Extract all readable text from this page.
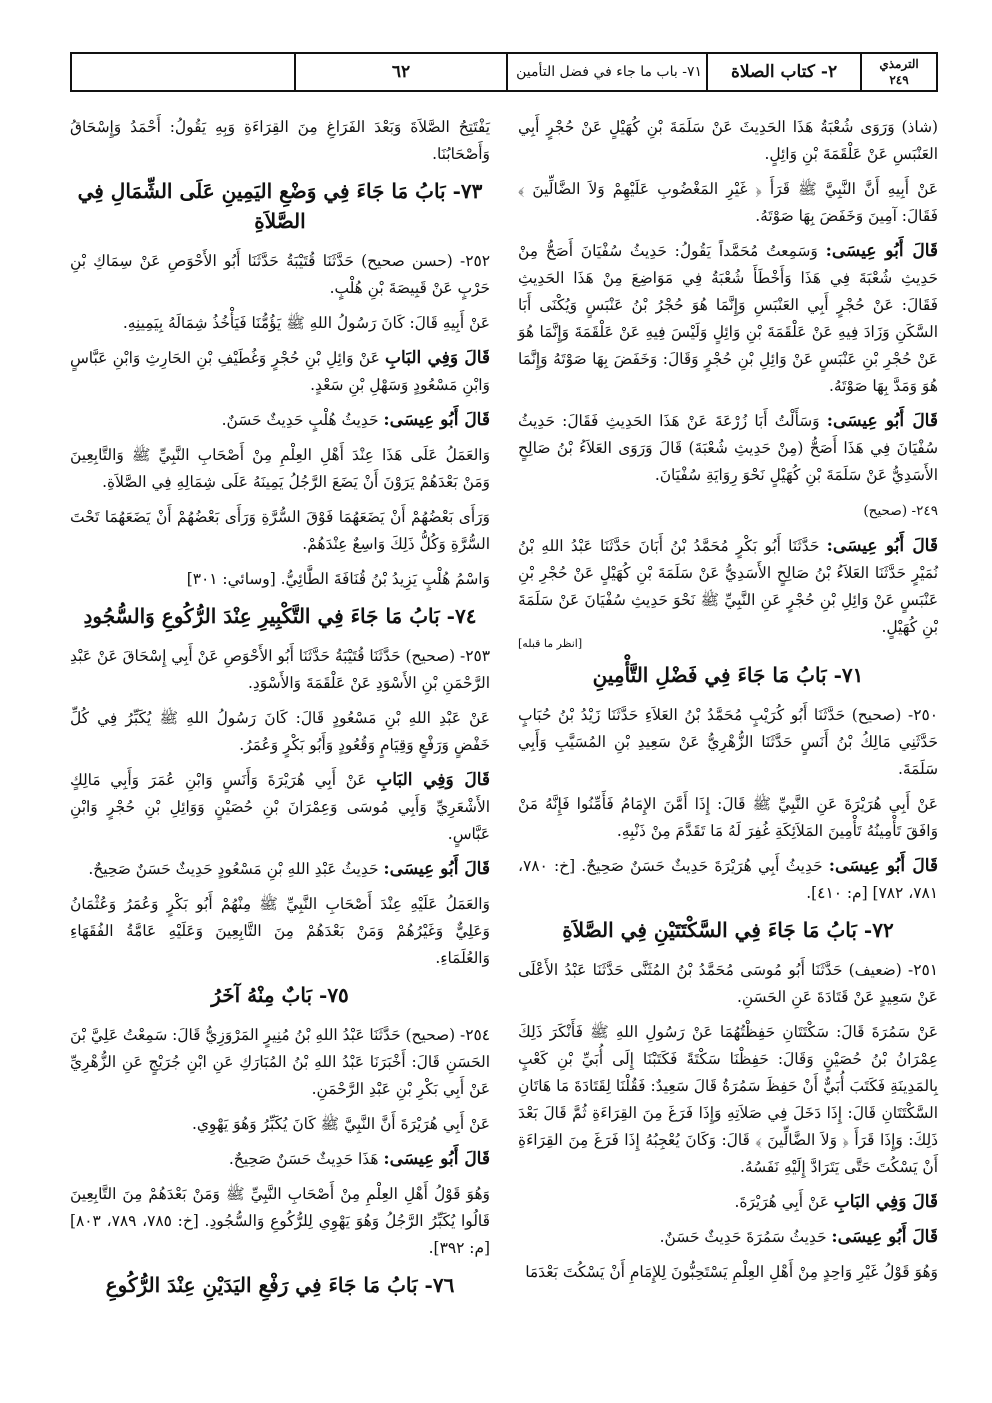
الترمذي
٢٤٩
٢- كتاب الصلاة
٧١- باب ما جاء في فضل التأمين
٦٢

(شاذ) وَرَوَى شُعْبَةُ هَذَا الحَدِيثَ عَنْ سَلَمَةَ بْنِ كُهَيْلٍ عَنْ حُجْرٍ أَبِي العَنْبَسِ عَنْ عَلْقَمَةَ بْنِ وَائِلٍ.

عَنْ أَبِيهِ أَنَّ النَّبِيَّ ﷺ قَرَأَ ﴿ غَيْرِ المَغْضُوبِ عَلَيْهِمْ وَلاَ الضَّالِّينَ ﴾ فَقَالَ: آمِينَ وَخَفَضَ بِهَا صَوْتَهُ.

قَالَ أَبُو عِيسَى: وَسَمِعتُ مُحَمَّداً يَقُولُ: حَدِيثُ سُفْيَانَ أَصَحُّ مِنْ حَدِيثِ شُعْبَةَ فِي هَذَا وَأَخْطَأَ شُعْبَةُ فِي مَوَاضِعَ مِنْ هَذَا الحَدِيثِ فَقَالَ: عَنْ حُجْرٍ أَبِي العَنْبَسِ وَإِنَّمَا هُوَ حُجْرُ بْنُ عَنْبَسٍ وَيُكْنَى أَبَا السَّكَنِ وَزَادَ فِيهِ عَنْ عَلْقَمَةَ بْنِ وَائِلٍ وَلَيْسَ فِيهِ عَنْ عَلْقَمَةَ وَإِنَّمَا هُوَ عَنْ حُجْرِ بْنِ عَنْبَسٍ عَنْ وَائِلِ بْنِ حُجْرٍ وَقَالَ: وَخَفَضَ بِهَا صَوْتَهُ وَإِنَّمَا هُوَ وَمَدَّ بِهَا صَوْتَهُ.

قَالَ أَبُو عِيسَى: وَسَأَلْتُ أَبَا زُرْعَةَ عَنْ هَذَا الحَدِيثِ فَقَالَ: حَدِيثُ سُفْيَانَ فِي هَذَا أَصَحُّ (مِنْ حَدِيثِ شُعْبَةَ) قَالَ وَرَوَى العَلاَءُ بْنُ صَالِحٍ الأَسَدِيُّ عَنْ سَلَمَةَ بْنِ كُهَيْلٍ نَحْوَ رِوَايَةِ سُفْيَانَ.

٢٤٩- (صحيح)

قَالَ أَبُو عِيسَى: حَدَّثَنَا أَبُو بَكْرٍ مُحَمَّدُ بْنُ أَبَانَ حَدَّثَنَا عَبْدُ اللهِ بْنُ نُمَيْرٍ حَدَّثَنَا العَلاَءُ بْنُ صَالِحٍ الأَسَدِيُّ عَنْ سَلَمَةَ بْنِ كُهَيْلٍ عَنْ حُجْرِ بْنِ عَنْبَسٍ عَنْ وَائِلِ بْنِ حُجْرٍ عَنِ النَّبِيِّ ﷺ نَحْوَ حَدِيثِ سُفْيَانَ عَنْ سَلَمَةَ بْنِ كُهَيْلٍ.

[انظر ما قبله]
٧١- بَابُ مَا جَاءَ فِي فَضْلِ التَّأْمِينِ

٢٥٠- (صحيح) حَدَّثَنَا أَبُو كُرَيْبٍ مُحَمَّدُ بْنُ العَلاَءِ حَدَّثَنَا زَيْدُ بْنُ حُبَابٍ حَدَّثَنِي مَالِكُ بْنُ أَنَسٍ حَدَّثَنَا الزُّهْرِيُّ عَنْ سَعِيدِ بْنِ المُسَيَّبِ وَأَبِي سَلَمَةَ.

عَنْ أَبِي هُرَيْرَةَ عَنِ النَّبِيِّ ﷺ قَالَ: إِذَا أَمَّنَ الإِمَامُ فَأَمِّنُوا فَإِنَّهُ مَنْ وَافَقَ تَأْمِينُهُ تَأْمِينَ المَلاَئِكَةِ غُفِرَ لَهُ مَا تَقَدَّمَ مِنْ ذَنْبِهِ.

قَالَ أَبُو عِيسَى: حَدِيثُ أَبِي هُرَيْرَةَ حَدِيثٌ حَسَنٌ صَحِيحٌ. [خ: ٧٨٠، ٧٨١، ٧٨٢] [م: ٤١٠].

٧٢- بَابُ مَا جَاءَ فِي السَّكْتَتَيْنِ فِي الصَّلاَةِ

٢٥١- (ضعيف) حَدَّثَنَا أَبُو مُوسَى مُحَمَّدُ بْنُ المُثَنَّى حَدَّثَنَا عَبْدُ الأَعْلَى عَنْ سَعِيدٍ عَنْ قَتَادَةَ عَنِ الحَسَنِ.

عَنْ سَمُرَةَ قَالَ: سَكْتَتَانِ حَفِظْتُهُمَا عَنْ رَسُولِ اللهِ ﷺ فَأَنْكَرَ ذَلِكَ عِمْرَانُ بْنُ حُصَيْنٍ وَقَالَ: حَفِظْنَا سَكْتَةً فَكَتَبْنَا إِلَى أُبَيِّ بْنِ كَعْبٍ بِالمَدِينَةِ فَكَتَبَ أُبَيٌّ أَنْ حَفِظَ سَمُرَةُ قَالَ سَعِيدٌ: فَقُلْنَا لِقَتَادَةَ مَا هَاتَانِ السَّكْتَتَانِ قَالَ: إِذَا دَخَلَ فِي صَلاَتِهِ وَإِذَا فَرَغَ مِنَ القِرَاءَةِ ثُمَّ قَالَ بَعْدَ ذَلِكَ: وَإِذَا قَرَأَ ﴿ وَلاَ الضَّالِّينَ ﴾ قَالَ: وَكَانَ يُعْجِبُهُ إِذَا فَرَغَ مِنَ القِرَاءَةِ أَنْ يَسْكُتَ حَتَّى يَتَرَادَّ إِلَيْهِ نَفَسُهُ.

قَالَ وَفِي البَابِ عَنْ أَبِي هُرَيْرَةَ.

قَالَ أَبُو عِيسَى: حَدِيثُ سَمُرَةَ حَدِيثٌ حَسَنٌ.

وَهُوَ قَوْلُ غَيْرِ وَاحِدٍ مِنْ أَهْلِ العِلْمِ يَسْتَحِبُّونَ لِلإِمَامِ أَنْ يَسْكُتَ بَعْدَمَا

يَفْتَتِحُ الصَّلاَةَ وَبَعْدَ الفَرَاغِ مِنَ القِرَاءَةِ وَبِهِ يَقُولُ: أَحْمَدُ وَإِسْحَاقُ وَأَصْحَابُنَا.

٧٣- بَابُ مَا جَاءَ فِي وَضْعِ اليَمِينِ عَلَى الشِّمَالِ فِي الصَّلاَةِ

٢٥٢- (حسن صحيح) حَدَّثَنَا قُتَيْبَةُ حَدَّثَنَا أَبُو الأَحْوَصِ عَنْ سِمَاكِ بْنِ حَرْبٍ عَنْ قَبِيصَةَ بْنِ هُلْبٍ.

عَنْ أَبِيهِ قَالَ: كَانَ رَسُولُ اللهِ ﷺ يَؤُمُّنَا فَيَأْخُذُ شِمَالَهُ بِيَمِينِهِ.

قَالَ وَفِي البَابِ عَنْ وَائِلِ بْنِ حُجْرٍ وَغُطَيْفِ بْنِ الحَارِثِ وَابْنِ عَبَّاسٍ وَابْنِ مَسْعُودٍ وَسَهْلِ بْنِ سَعْدٍ.

قَالَ أَبُو عِيسَى: حَدِيثُ هُلْبٍ حَدِيثٌ حَسَنٌ.

وَالعَمَلُ عَلَى هَذَا عِنْدَ أَهْلِ العِلْمِ مِنْ أَصْحَابِ النَّبِيِّ ﷺ وَالتَّابِعِينَ وَمَنْ بَعْدَهُمْ يَرَوْنَ أَنْ يَضَعَ الرَّجُلُ يَمِينَهُ عَلَى شِمَالِهِ فِي الصَّلاَةِ.

وَرَأَى بَعْضُهُمْ أَنْ يَضَعَهُمَا فَوْقَ السُّرَّةِ وَرَأَى بَعْضُهُمْ أَنْ يَضَعَهُمَا تَحْتَ السُّرَّةِ وَكُلُّ ذَلِكَ وَاسِعٌ عِنْدَهُمْ.

وَاسْمُ هُلْبٍ يَزِيدُ بْنُ قُنَافَةَ الطَّائِيُّ. [وسائي: ٣٠١]

٧٤- بَابُ مَا جَاءَ فِي التَّكْبِيرِ عِنْدَ الرُّكُوعِ وَالسُّجُودِ

٢٥٣- (صحيح) حَدَّثَنَا قُتَيْبَةُ حَدَّثَنَا أَبُو الأَحْوَصِ عَنْ أَبِي إِسْحَاقَ عَنْ عَبْدِ الرَّحْمَنِ بْنِ الأَسْوَدِ عَنْ عَلْقَمَةَ وَالأَسْوَدِ.

عَنْ عَبْدِ اللهِ بْنِ مَسْعُودٍ قَالَ: كَانَ رَسُولُ اللهِ ﷺ يُكَبِّرُ فِي كُلِّ خَفْضٍ وَرَفْعٍ وَقِيَامٍ وَقُعُودٍ وَأَبُو بَكْرٍ وَعُمَرُ.

قَالَ وَفِي البَابِ عَنْ أَبِي هُرَيْرَةَ وَأَنَسٍ وَابْنِ عُمَرَ وَأَبِي مَالِكٍ الأَشْعَرِيِّ وَأَبِي مُوسَى وَعِمْرَانَ بْنِ حُصَيْنٍ وَوَائِلِ بْنِ حُجْرٍ وَابْنِ عَبَّاسٍ.

قَالَ أَبُو عِيسَى: حَدِيثُ عَبْدِ اللهِ بْنِ مَسْعُودٍ حَدِيثٌ حَسَنٌ صَحِيحٌ.

وَالعَمَلُ عَلَيْهِ عِنْدَ أَصْحَابِ النَّبِيِّ ﷺ مِنْهُمْ أَبُو بَكْرٍ وَعُمَرُ وَعُثْمَانُ وَعَلِيٌّ وَغَيْرُهُمْ وَمَنْ بَعْدَهُمْ مِنَ التَّابِعِينَ وَعَلَيْهِ عَامَّةُ الفُقَهَاءِ وَالعُلَمَاءِ.

٧٥- بَابٌ مِنْهُ آخَرُ

٢٥٤- (صحيح) حَدَّثَنَا عَبْدُ اللهِ بْنُ مُنِيرٍ المَرْوَزِيُّ قَالَ: سَمِعْتُ عَلِيَّ بْنَ الحَسَنِ قَالَ: أَخْبَرَنَا عَبْدُ اللهِ بْنُ المُبَارَكِ عَنِ ابْنِ جُرَيْجٍ عَنِ الزُّهْرِيِّ عَنْ أَبِي بَكْرِ بْنِ عَبْدِ الرَّحْمَنِ.

عَنْ أَبِي هُرَيْرَةَ أَنَّ النَّبِيَّ ﷺ كَانَ يُكَبِّرُ وَهُوَ يَهْوِي.

قَالَ أَبُو عِيسَى: هَذَا حَدِيثٌ حَسَنٌ صَحِيحٌ.

وَهُوَ قَوْلُ أَهْلِ العِلْمِ مِنْ أَصْحَابِ النَّبِيِّ ﷺ وَمَنْ بَعْدَهُمْ مِنَ التَّابِعِينَ قَالُوا يُكَبِّرُ الرَّجُلُ وَهُوَ يَهْوِي لِلرُّكُوعِ وَالسُّجُودِ. [خ: ٧٨٥، ٧٨٩، ٨٠٣] [م: ٣٩٢].

٧٦- بَابُ مَا جَاءَ فِي رَفْعِ اليَدَيْنِ عِنْدَ الرُّكُوعِ
